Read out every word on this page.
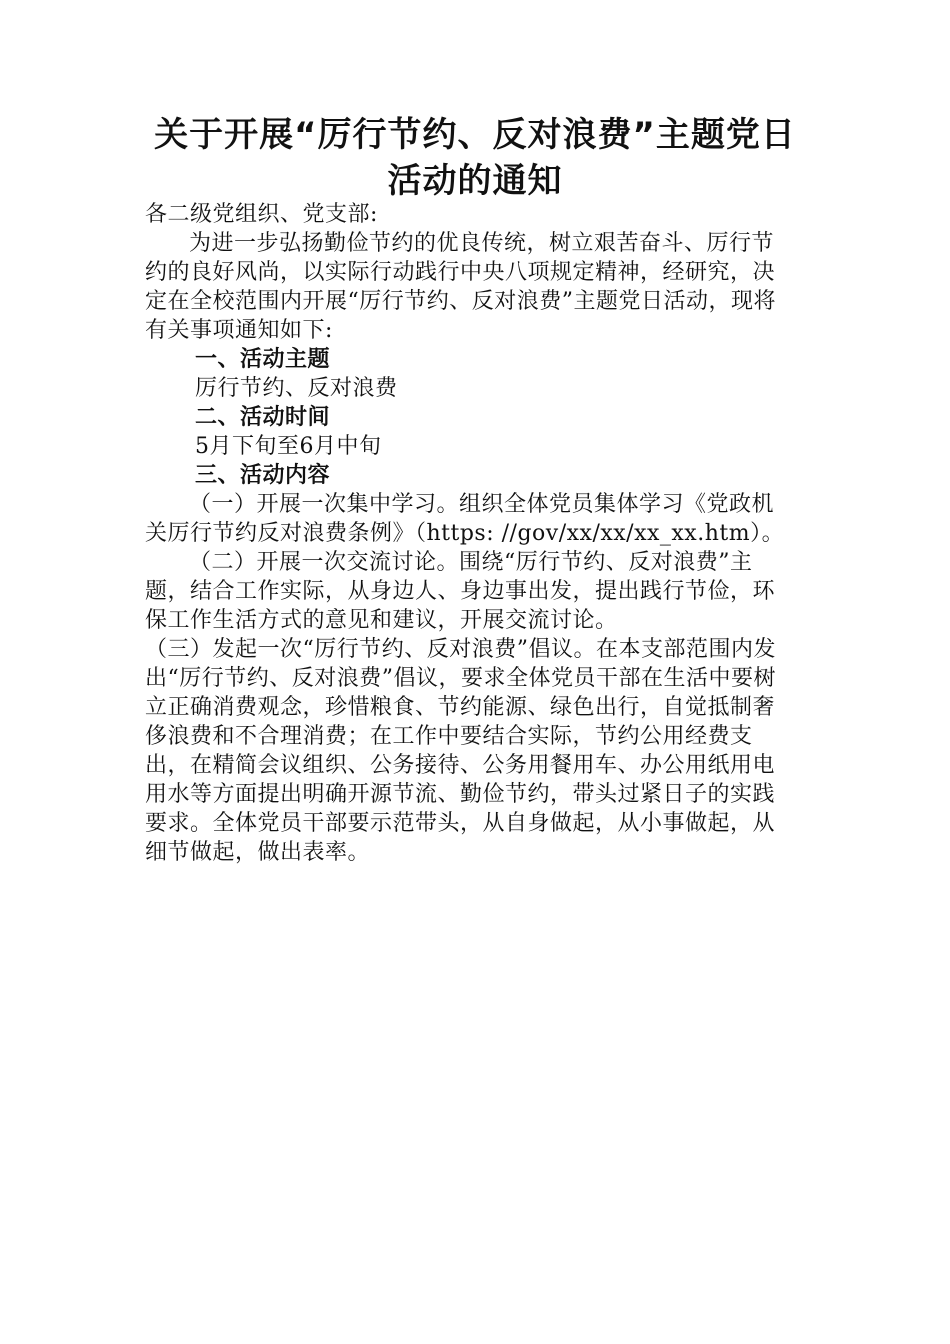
关于开展“厉行节约、反对浪费”主题党日活动的通知

各二级党组织、党支部:

为进一步弘扬勤俭节约的优良传统，树立艰苦奋斗、厉行节约的良好风尚，以实际行动践行中央八项规定精神，经研究，决定在全校范围内开展“厉行节约、反对浪费”主题党日活动，现将有关事项通知如下:

一、活动主题

厉行节约、反对浪费

二、活动时间

5月下旬至6月中旬

三、活动内容

（一）开展一次集中学习。组织全体党员集体学习《党政机关厉行节约反对浪费条例》（https: //gov/xx/xx/xx_xx.htm）。

（二）开展一次交流讨论。围绕“厉行节约、反对浪费”主题，结合工作实际，从身边人、身边事出发，提出践行节俭，环保工作生活方式的意见和建议，开展交流讨论。

（三）发起一次“厉行节约、反对浪费”倡议。在本支部范围内发出“厉行节约、反对浪费”倡议，要求全体党员干部在生活中要树立正确消费观念，珍惜粮食、节约能源、绿色出行，自觉抵制奢侈浪费和不合理消费；在工作中要结合实际，节约公用经费支出，在精简会议组织、公务接待、公务用餐用车、办公用纸用电用水等方面提出明确开源节流、勤俭节约，带头过紧日子的实践要求。全体党员干部要示范带头，从自身做起，从小事做起，从细节做起，做出表率。
